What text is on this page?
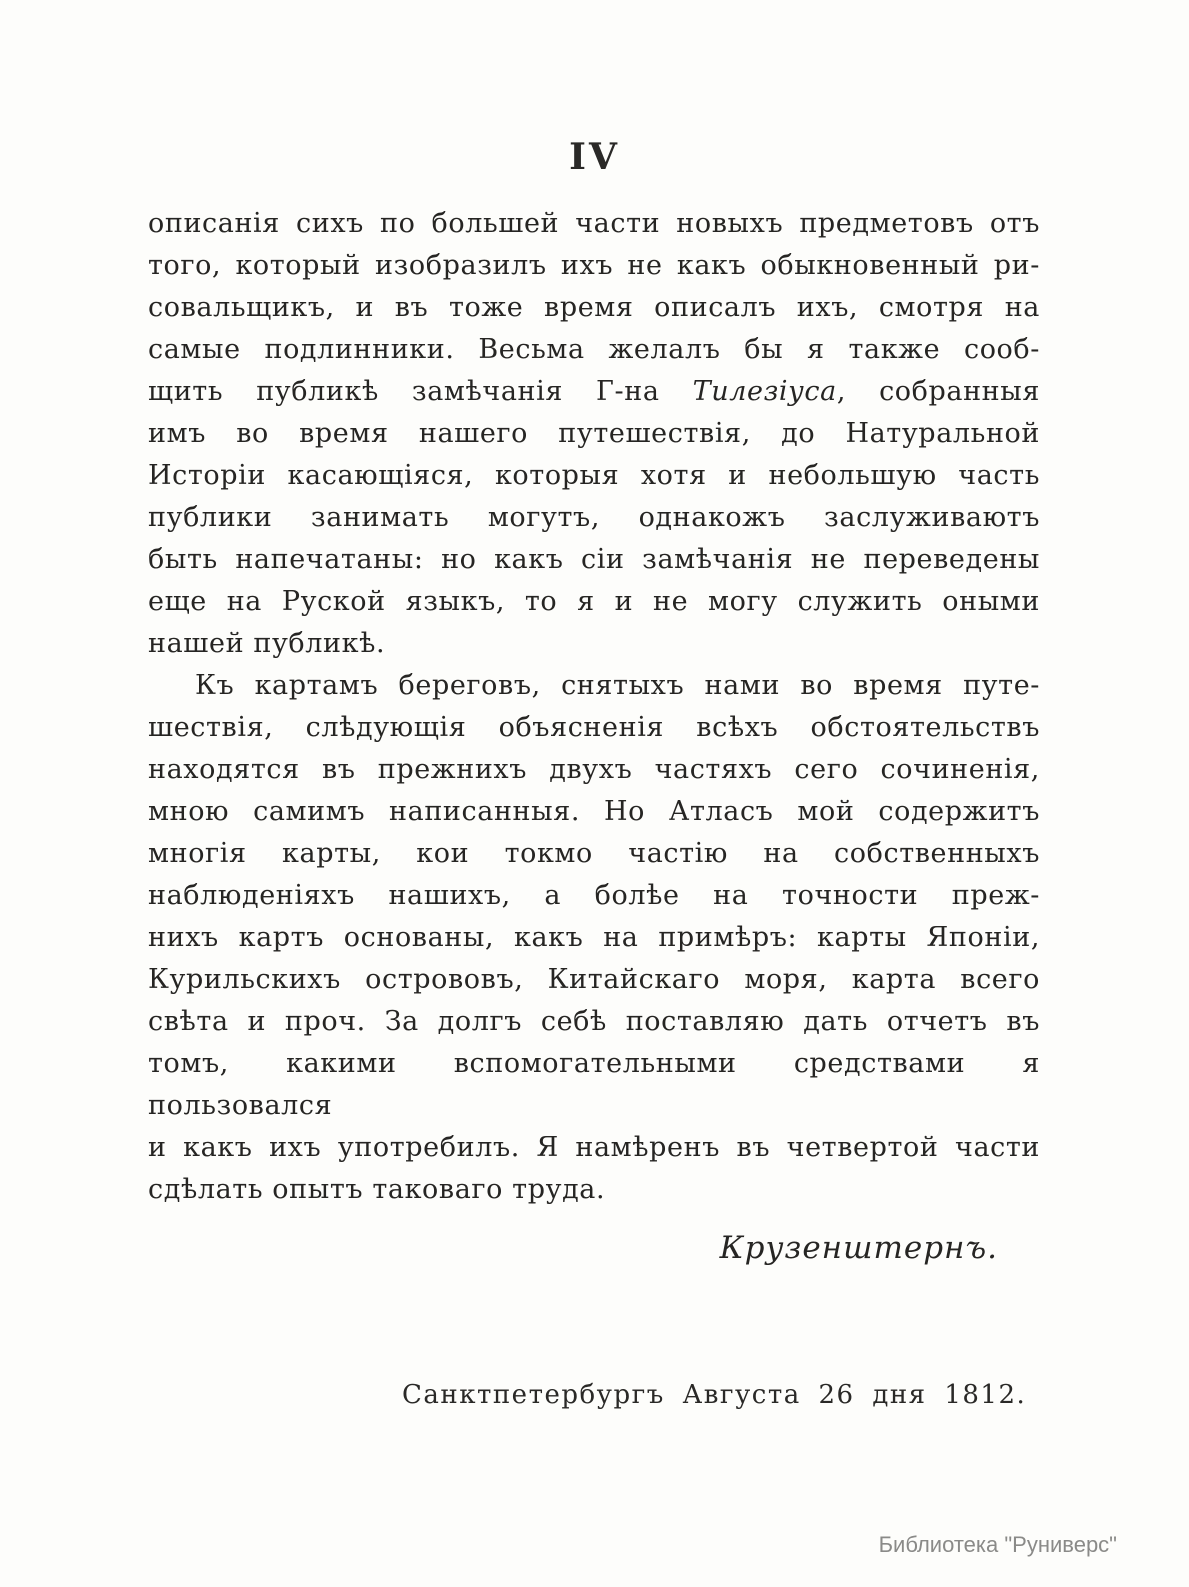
IV
описанія сихъ по большей части новыхъ предметовъ отъ
того, который изобразилъ ихъ не какъ обыкновенный ри-
совальщикъ, и въ тоже время описалъ ихъ, смотря на
самые подлинники. Весьма желалъ бы я также сооб-
щить публикѣ замѣчанія Г-на Тилезіуса, собранныя
имъ во время нашего путешествія, до Натуральной
Исторіи касающіяся, которыя хотя и небольшую часть
публики занимать могутъ, однакожъ заслуживаютъ
быть напечатаны: но какъ сіи замѣчанія не переведены
еще на Руской языкъ, то я и не могу служить оными
нашей публикѣ.
Къ картамъ береговъ, снятыхъ нами во время путе-
шествія, слѣдующія объясненія всѣхъ обстоятельствъ
находятся въ прежнихъ двухъ частяхъ сего сочиненія,
мною самимъ написанныя. Но Атласъ мой содержитъ
многія карты, кои токмо частію на собственныхъ
наблюденіяхъ нашихъ, а болѣе на точности преж-
нихъ картъ основаны, какъ на примѣръ: карты Японіи,
Курильскихъ острововъ, Китайскаго моря, карта всего
свѣта и проч. За долгъ себѣ поставляю дать отчетъ въ
томъ, какими вспомогательными средствами я пользовался
и какъ ихъ употребилъ. Я намѣренъ въ четвертой части
сдѣлать опытъ таковаго труда.
Крузенштернъ.
Санктпетербургъ Августа 26 дня 1812.
Библиотека "Руниверс"
